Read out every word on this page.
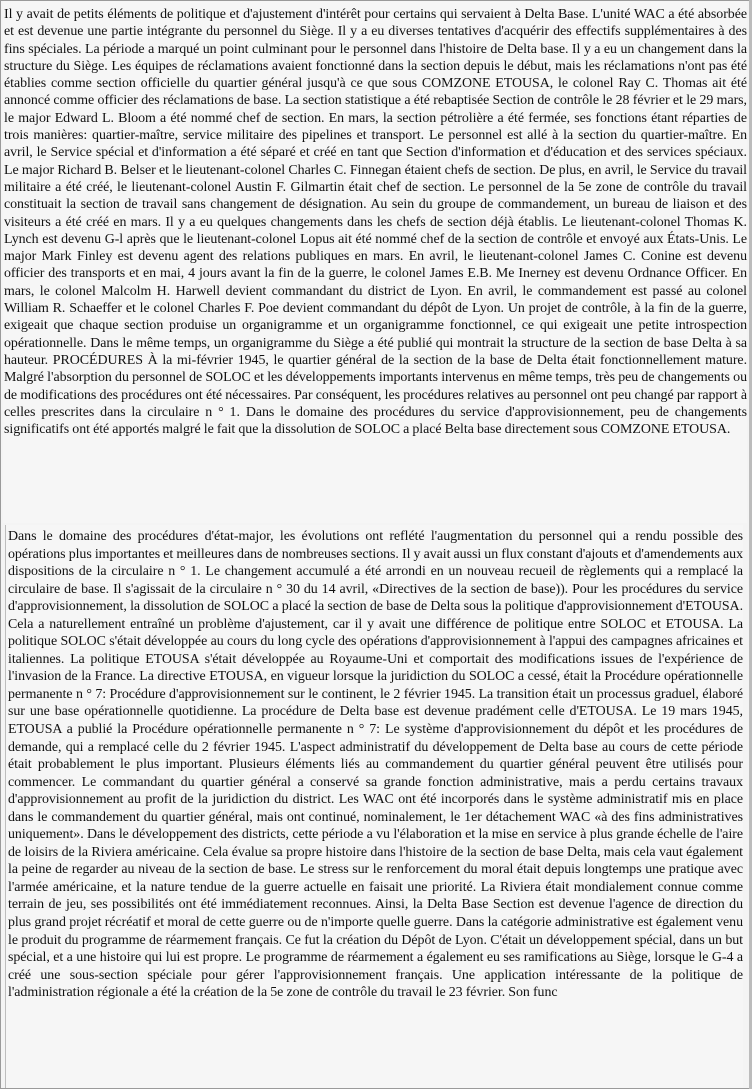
Il y avait de petits éléments de politique et d'ajustement d'intérêt pour certains qui servaient à Delta Base. L'unité WAC a été absorbée et est devenue une partie intégrante du personnel du Siège. Il y a eu diverses tentatives d'acquérir des effectifs supplémentaires à des fins spéciales. La période a marqué un point culminant pour le personnel dans l'histoire de Delta base. Il y a eu un changement dans la structure du Siège. Les équipes de réclamations avaient fonctionné dans la section depuis le début, mais les réclamations n'ont pas été établies comme section officielle du quartier général jusqu'à ce que sous COMZONE ETOUSA, le colonel Ray C. Thomas ait été annoncé comme officier des réclamations de base. La section statistique a été rebaptisée Section de contrôle le 28 février et le 29 mars, le major Edward L. Bloom a été nommé chef de section. En mars, la section pétrolière a été fermée, ses fonctions étant réparties de trois manières: quartier-maître, service militaire des pipelines et transport. Le personnel est allé à la section du quartier-maître. En avril, le Service spécial et d'information a été séparé et créé en tant que Section d'information et d'éducation et des services spéciaux. Le major Richard B. Belser et le lieutenant-colonel Charles C. Finnegan étaient chefs de section. De plus, en avril, le Service du travail militaire a été créé, le lieutenant-colonel Austin F. Gilmartin était chef de section. Le personnel de la 5e zone de contrôle du travail constituait la section de travail sans changement de désignation. Au sein du groupe de commandement, un bureau de liaison et des visiteurs a été créé en mars. Il y a eu quelques changements dans les chefs de section déjà établis. Le lieutenant-colonel Thomas K. Lynch est devenu G-l après que le lieutenant-colonel Lopus ait été nommé chef de la section de contrôle et envoyé aux États-Unis. Le major Mark Finley est devenu agent des relations publiques en mars. En avril, le lieutenant-colonel James C. Conine est devenu officier des transports et en mai, 4 jours avant la fin de la guerre, le colonel James E.B. Me Inerney est devenu Ordnance Officer. En mars, le colonel Malcolm H. Harwell devient commandant du district de Lyon. En avril, le commandement est passé au colonel William R. Schaeffer et le colonel Charles F. Poe devient commandant du dépôt de Lyon. Un projet de contrôle, à la fin de la guerre, exigeait que chaque section produise un organigramme et un organigramme fonctionnel, ce qui exigeait une petite introspection opérationnelle. Dans le même temps, un organigramme du Siège a été publié qui montrait la structure de la section de base Delta à sa hauteur. PROCÉDURES À la mi-février 1945, le quartier général de la section de la base de Delta était fonctionnellement mature. Malgré l'absorption du personnel de SOLOC et les développements importants intervenus en même temps, très peu de changements ou de modifications des procédures ont été nécessaires. Par conséquent, les procédures relatives au personnel ont peu changé par rapport à celles prescrites dans la circulaire n ° 1. Dans le domaine des procédures du service d'approvisionnement, peu de changements significatifs ont été apportés malgré le fait que la dissolution de SOLOC a placé Belta base directement sous COMZONE ETOUSA.

Dans le domaine des procédures d'état-major, les évolutions ont reflété l'augmentation du personnel qui a rendu possible des opérations plus importantes et meilleures dans de nombreuses sections. Il y avait aussi un flux constant d'ajouts et d'amendements aux dispositions de la circulaire n ° 1. Le changement accumulé a été arrondi en un nouveau recueil de règlements qui a remplacé la circulaire de base. Il s'agissait de la circulaire n ° 30 du 14 avril, «Directives de la section de base)). Pour les procédures du service d'approvisionnement, la dissolution de SOLOC a placé la section de base de Delta sous la politique d'approvisionnement d'ETOUSA. Cela a naturellement entraîné un problème d'ajustement, car il y avait une différence de politique entre SOLOC et ETOUSA. La politique SOLOC s'était développée au cours du long cycle des opérations d'approvisionnement à l'appui des campagnes africaines et italiennes. La politique ETOUSA s'était développée au Royaume-Uni et comportait des modifications issues de l'expérience de l'invasion de la France. La directive ETOUSA, en vigueur lorsque la juridiction du SOLOC a cessé, était la Procédure opérationnelle permanente n ° 7: Procédure d'approvisionnement sur le continent, le 2 février 1945. La transition était un processus graduel, élaboré sur une base opérationnelle quotidienne. La procédure de Delta base est devenue pradément celle d'ETOUSA. Le 19 mars 1945, ETOUSA a publié la Procédure opérationnelle permanente n ° 7: Le système d'approvisionnement du dépôt et les procédures de demande, qui a remplacé celle du 2 février 1945. L'aspect administratif du développement de Delta base au cours de cette période était probablement le plus important. Plusieurs éléments liés au commandement du quartier général peuvent être utilisés pour commencer. Le commandant du quartier général a conservé sa grande fonction administrative, mais a perdu certains travaux d'approvisionnement au profit de la juridiction du district. Les WAC ont été incorporés dans le système administratif mis en place dans le commandement du quartier général, mais ont continué, nominalement, le 1er détachement WAC «à des fins administratives uniquement». Dans le développement des districts, cette période a vu l'élaboration et la mise en service à plus grande échelle de l'aire de loisirs de la Riviera américaine. Cela évalue sa propre histoire dans l'histoire de la section de base Delta, mais cela vaut également la peine de regarder au niveau de la section de base. Le stress sur le renforcement du moral était depuis longtemps une pratique avec l'armée américaine, et la nature tendue de la guerre actuelle en faisait une priorité. La Riviera était mondialement connue comme terrain de jeu, ses possibilités ont été immédiatement reconnues. Ainsi, la Delta Base Section est devenue l'agence de direction du plus grand projet récréatif et moral de cette guerre ou de n'importe quelle guerre. Dans la catégorie administrative est également venu le produit du programme de réarmement français. Ce fut la création du Dépôt de Lyon. C'était un développement spécial, dans un but spécial, et a une histoire qui lui est propre. Le programme de réarmement a également eu ses ramifications au Siège, lorsque le G-4 a créé une sous-section spéciale pour gérer l'approvisionnement français. Une application intéressante de la politique de l'administration régionale a été la création de la 5e zone de contrôle du travail le 23 février. Son func
